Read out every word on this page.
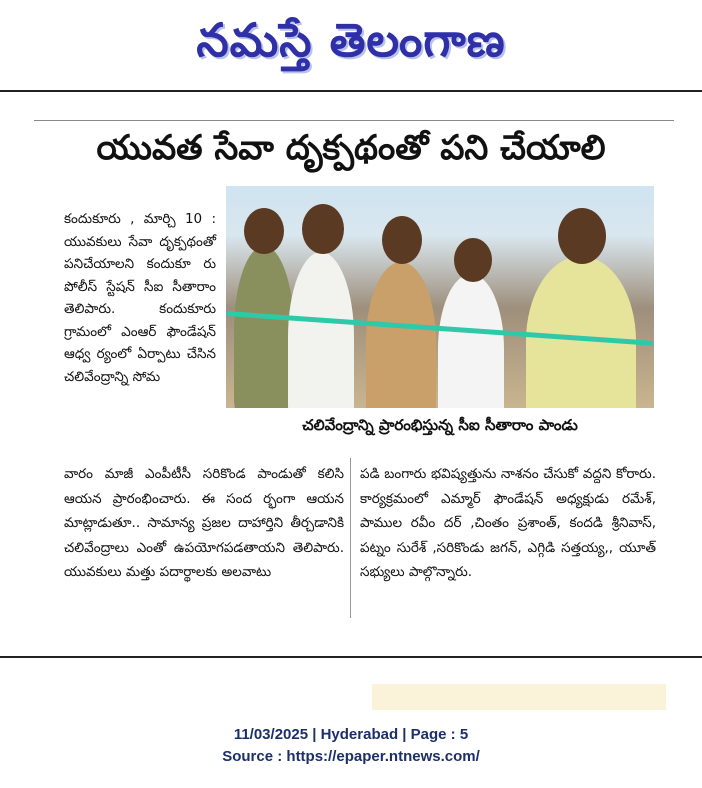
నమస్తే తెలంగాణ
యువత సేవా దృక్పథంతో పని చేయాలి

కందుకూరు , మార్చి 10 : యువకులు సేవా దృక్పథంతో పనిచేయాలని కందుకూ రు పోలీస్ స్టేషన్ సీఐ సీతారాం తెలిపారు. కందుకూరు గ్రామంలో ఎంఆర్ ఫౌండేషన్ ఆధ్వ ర్యంలో ఏర్పాటు చేసిన చలివేంద్రాన్ని సోమ

చలివేంద్రాన్ని ప్రారంభిస్తున్న సీఐ సీతారాం పాండు

వారం మాజీ ఎంపీటీసీ సరికొండ పాండుతో కలిసి ఆయన ప్రారంభించారు. ఈ సంద ర్భంగా ఆయన మాట్లాడుతూ.. సామాన్య ప్రజల దాహార్తిని తీర్చడానికి చలివేంద్రాలు ఎంతో ఉపయోగపడతాయని తెలిపారు. యువకులు మత్తు పదార్థాలకు అలవాటు

పడి బంగారు భవిష్యత్తును నాశనం చేసుకో వద్దని కోరారు. కార్యక్రమంలో ఎమ్మార్ ఫౌండేషన్ అధ్యక్షుడు రమేశ్, పాముల రవీం దర్ ,చింతం ప్రశాంత్, కందడి శ్రీనివాస్, పట్నం సురేశ్ ,సరికొండు జగన్, ఎగ్గిడి సత్తయ్య,, యూత్ సభ్యులు పాల్గొన్నారు.

11/03/2025 | Hyderabad | Page : 5
Source : https://epaper.ntnews.com/
